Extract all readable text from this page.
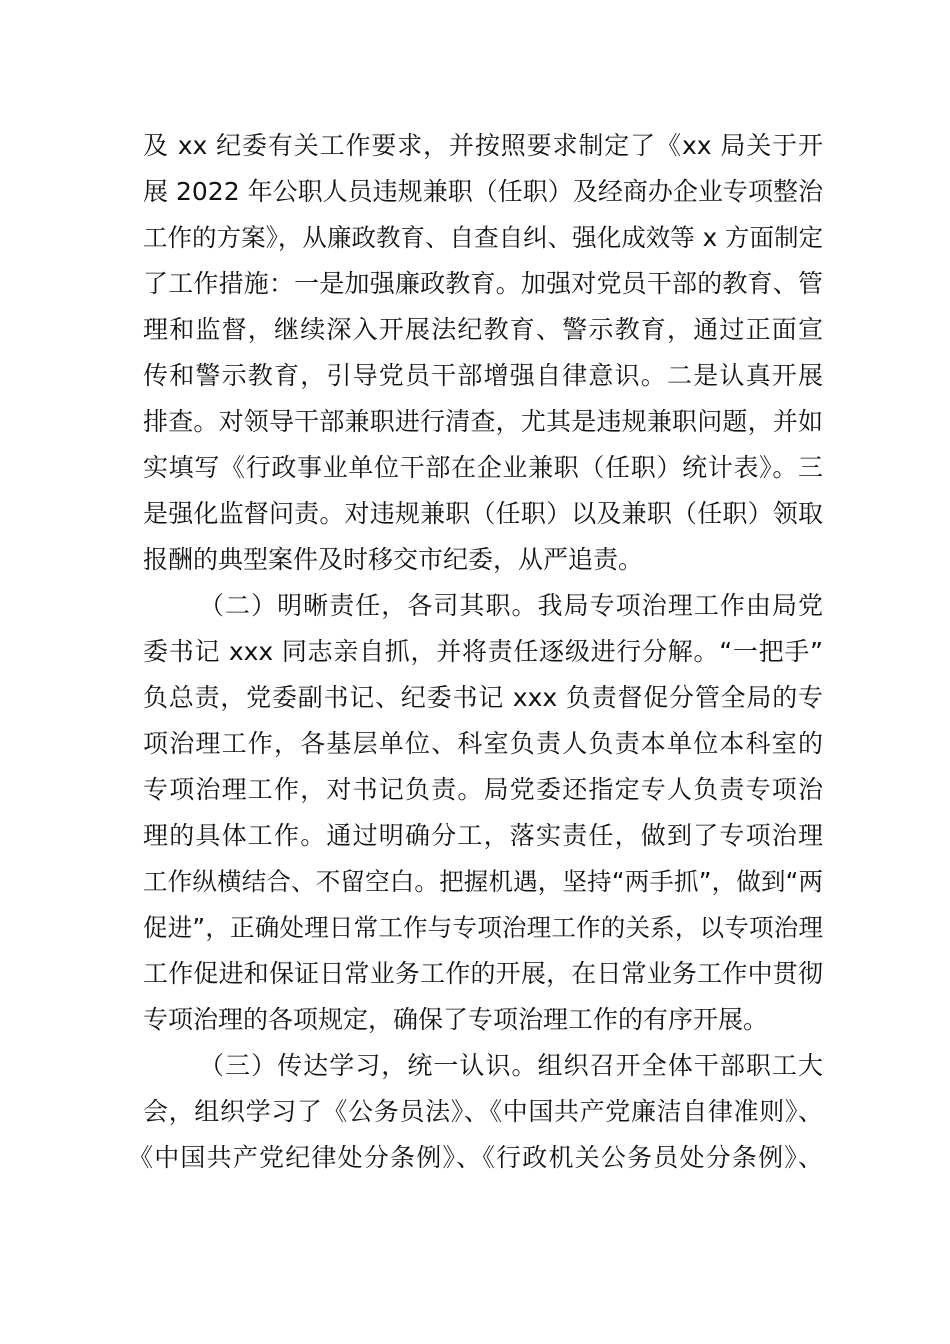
及 xx 纪委有关工作要求，并按照要求制定了《xx 局关于开
展 2022 年公职人员违规兼职（任职）及经商办企业专项整治
工作的方案》，从廉政教育、自查自纠、强化成效等 x 方面制定
了工作措施：一是加强廉政教育。加强对党员干部的教育、管
理和监督，继续深入开展法纪教育、警示教育，通过正面宣
传和警示教育，引导党员干部增强自律意识。二是认真开展
排查。对领导干部兼职进行清查，尤其是违规兼职问题，并如
实填写《行政事业单位干部在企业兼职（任职）统计表》。三
是强化监督问责。对违规兼职（任职）以及兼职（任职）领取
报酬的典型案件及时移交市纪委，从严追责。
（二）明晰责任，各司其职。我局专项治理工作由局党
委书记 xxx 同志亲自抓，并将责任逐级进行分解。“一把手”
负总责，党委副书记、纪委书记 xxx 负责督促分管全局的专
项治理工作，各基层单位、科室负责人负责本单位本科室的
专项治理工作，对书记负责。局党委还指定专人负责专项治
理的具体工作。通过明确分工，落实责任，做到了专项治理
工作纵横结合、不留空白。把握机遇，坚持“两手抓”，做到“两
促进”，正确处理日常工作与专项治理工作的关系，以专项治理
工作促进和保证日常业务工作的开展，在日常业务工作中贯彻
专项治理的各项规定，确保了专项治理工作的有序开展。
（三）传达学习，统一认识。组织召开全体干部职工大
会，组织学习了《公务员法》、《中国共产党廉洁自律准则》、
《中国共产党纪律处分条例》、《行政机关公务员处分条例》、
